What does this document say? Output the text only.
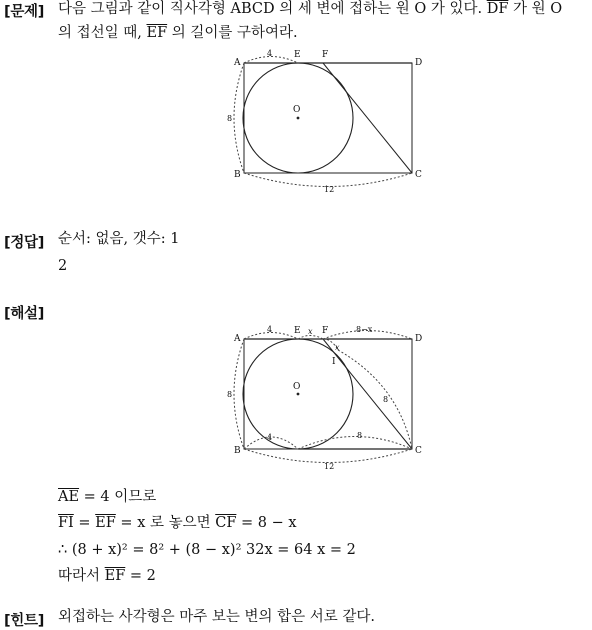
[문제] 다음 그림과 같이 직사각형 ABCD 의 세 변에 접하는 원 O 가 있다. $\overline{DF}$ 가 원 O
의 접선일 때, $\overline{EF}$ 의 길이를 구하여라.
A
B	C
D
E F
O
4
8
12
[정답] 순서: 없음, 갯수: 1
2
[해설]
A
B	C
D
E F
I
O
4	x	8−x
x
8
4	8
8
12
$\overline{AE} = 4$ 이므로
$\overline{FI} = \overline{EF} = x$ 로 놓으면 $\overline{CF} = 8 - x$
∴ (8 + x)² = 8² + (8 − x)² 32x = 64 x = 2
따라서 $\overline{EF} = 2$
[힌트] 외접하는 사각형은 마주 보는 변의 합은 서로 같다.
